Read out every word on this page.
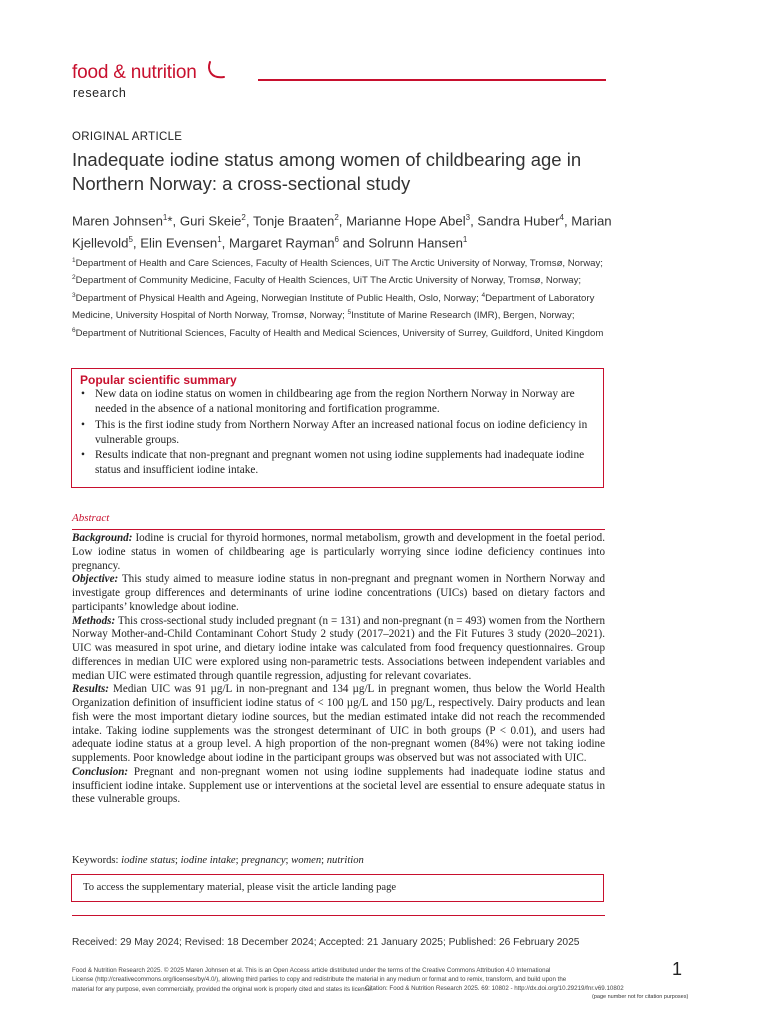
food & nutrition
research
ORIGINAL ARTICLE
Inadequate iodine status among women of childbearing age in Northern Norway: a cross-sectional study
Maren Johnsen$^1$*, Guri Skeie$^2$, Tonje Braaten$^2$, Marianne Hope Abel$^3$, Sandra Huber$^4$, Marian Kjellevold$^5$, Elin Evensen$^1$, Margaret Rayman$^6$ and Solrunn Hansen$^1$
$^1$Department of Health and Care Sciences, Faculty of Health Sciences, UiT The Arctic University of Norway, Tromsø, Norway; $^2$Department of Community Medicine, Faculty of Health Sciences, UiT The Arctic University of Norway, Tromsø, Norway; $^3$Department of Physical Health and Ageing, Norwegian Institute of Public Health, Oslo, Norway; $^4$Department of Laboratory Medicine, University Hospital of North Norway, Tromsø, Norway; $^5$Institute of Marine Research (IMR), Bergen, Norway; $^6$Department of Nutritional Sciences, Faculty of Health and Medical Sciences, University of Surrey, Guildford, United Kingdom
Popular scientific summary
• New data on iodine status on women in childbearing age from the region Northern Norway in Norway are needed in the absence of a national monitoring and fortification programme.
• This is the first iodine study from Northern Norway After an increased national focus on iodine deficiency in vulnerable groups.
• Results indicate that non-pregnant and pregnant women not using iodine supplements had inadequate iodine status and insufficient iodine intake.
Abstract

Background: Iodine is crucial for thyroid hormones, normal metabolism, growth and development in the foetal period. Low iodine status in women of childbearing age is particularly worrying since iodine deficiency continues into pregnancy.

Objective: This study aimed to measure iodine status in non-pregnant and pregnant women in Northern Norway and investigate group differences and determinants of urine iodine concentrations (UICs) based on dietary factors and participants’ knowledge about iodine.

Methods: This cross-sectional study included pregnant (n = 131) and non-pregnant (n = 493) women from the Northern Norway Mother-and-Child Contaminant Cohort Study 2 study (2017–2021) and the Fit Futures 3 study (2020–2021). UIC was measured in spot urine, and dietary iodine intake was calculated from food frequency questionnaires. Group differences in median UIC were explored using non-parametric tests. Associations between independent variables and median UIC were estimated through quantile regression, adjusting for relevant covariates.

Results: Median UIC was 91 µg/L in non-pregnant and 134 µg/L in pregnant women, thus below the World Health Organization definition of insufficient iodine status of < 100 µg/L and 150 µg/L, respectively. Dairy products and lean fish were the most important dietary iodine sources, but the median estimated intake did not reach the recommended intake. Taking iodine supplements was the strongest determinant of UIC in both groups (P < 0.01), and users had adequate iodine status at a group level. A high proportion of the non-pregnant women (84%) were not taking iodine supplements. Poor knowledge about iodine in the participant groups was observed but was not associated with UIC.

Conclusion: Pregnant and non-pregnant women not using iodine supplements had inadequate iodine status and insufficient iodine intake. Supplement use or interventions at the societal level are essential to ensure adequate status in these vulnerable groups.

Keywords: iodine status; iodine intake; pregnancy; women; nutrition
To access the supplementary material, please visit the article landing page
Received: 29 May 2024; Revised: 18 December 2024; Accepted: 21 January 2025; Published: 26 February 2025
Food & Nutrition Research 2025. © 2025 Maren Johnsen et al. This is an Open Access article distributed under the terms of the Creative Commons Attribution 4.0 International License (http://creativecommons.org/licenses/by/4.0/), allowing third parties to copy and redistribute the material in any medium or format and to remix, transform, and build upon the material for any purpose, even commercially, provided the original work is properly cited and states its license.
Citation: Food & Nutrition Research 2025. 69: 10802 - http://dx.doi.org/10.29219/fnr.v69.10802
1
(page number not for citation purposes)
